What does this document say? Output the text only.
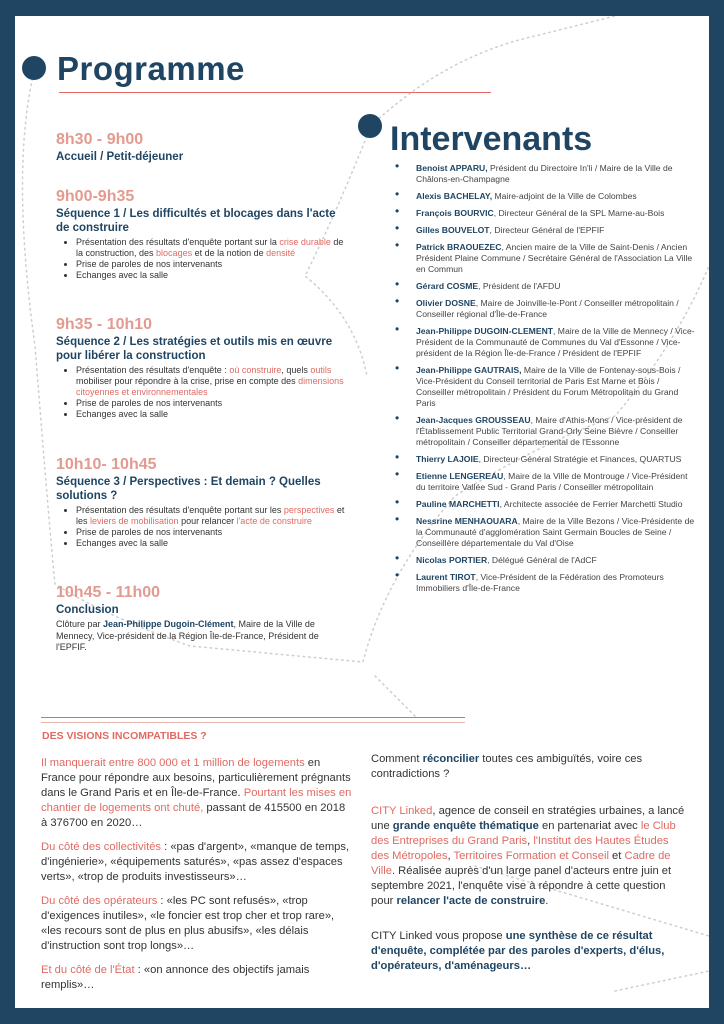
Programme

8h30 - 9h00

Accueil / Petit-déjeuner

9h00-9h35

Séquence 1 / Les difficultés et blocages dans l'acte de construire

• Présentation des résultats d'enquête portant sur la crise durable de la construction, des blocages et de la notion de densité
• Prise de paroles de nos intervenants
• Echanges avec la salle

9h35 - 10h10

Séquence 2 / Les stratégies et outils mis en œuvre pour libérer la construction

• Présentation des résultats d'enquête : où construire, quels outils mobiliser pour répondre à la crise, prise en compte des dimensions citoyennes et environnementales
• Prise de paroles de nos intervenants
• Echanges avec la salle

10h10- 10h45

Séquence 3 / Perspectives : Et demain ? Quelles solutions ?

• Présentation des résultats d'enquête portant sur les perspectives et les leviers de mobilisation pour relancer l'acte de construire
• Prise de paroles de nos intervenants
• Echanges avec la salle

10h45 - 11h00

Conclusion

Clôture par Jean-Philippe Dugoin-Clément, Maire de la Ville de Mennecy, Vice-président de la Région Île-de-France, Président de l'EPFIF.

Intervenants
• Benoist APPARU, Président du Directoire In'li / Maire de la Ville de Châlons-en-Champagne
• Alexis BACHELAY, Maire-adjoint de la Ville de Colombes
• François BOURVIC, Directeur Général de la SPL Marne-au-Bois
• Gilles BOUVELOT, Directeur Général de l'EPFIF
• Patrick BRAOUEZEC, Ancien maire de la Ville de Saint-Denis / Ancien Président Plaine Commune / Secrétaire Général de l'Association La Ville en Commun
• Gérard COSME, Président de l'AFDU
• Olivier DOSNE, Maire de Joinville-le-Pont / Conseiller métropolitain / Conseiller régional d'Île-de-France
• Jean-Philippe DUGOIN-CLEMENT, Maire de la Ville de Mennecy / Vice-Président de la Communauté de Communes du Val d'Essonne / Vice-président de la Région Île-de-France / Président de l'EPFIF
• Jean-Philippe GAUTRAIS, Maire de la Ville de Fontenay-sous-Bois / Vice-Président du Conseil territorial de Paris Est Marne et Bois / Conseiller métropolitain / Président du Forum Métropolitain du Grand Paris
• Jean-Jacques GROUSSEAU, Maire d'Athis-Mons / Vice-président de l'Établissement Public Territorial Grand-Orly Seine Bièvre / Conseiller métropolitain / Conseiller départemental de l'Essonne
• Thierry LAJOIE, Directeur Général Stratégie et Finances, QUARTUS
• Etienne LENGEREAU, Maire de la Ville de Montrouge / Vice-Président du territoire Vallée Sud - Grand Paris / Conseiller métropolitain
• Pauline MARCHETTI, Architecte associée de Ferrier Marchetti Studio
• Nessrine MENHAOUARA, Maire de la Ville Bezons / Vice-Présidente de la Communauté d'agglomération Saint Germain Boucles de Seine / Conseillère départementale du Val d'Oise
• Nicolas PORTIER, Délégué Général de l'AdCF
• Laurent TIROT, Vice-Président de la Fédération des Promoteurs Immobiliers d'Île-de-France
DES VISIONS INCOMPATIBLES ?

Il manquerait entre 800 000 et 1 million de logements en France pour répondre aux besoins, particulièrement prégnants dans le Grand Paris et en Île-de-France. Pourtant les mises en chantier de logements ont chuté, passant de 415500 en 2018 à 376700 en 2020…

Du côté des collectivités : «pas d'argent», «manque de temps, d'ingénierie», «équipements saturés», «pas assez d'espaces verts», «trop de produits investisseurs»…

Du côté des opérateurs : «les PC sont refusés», «trop d'exigences inutiles», «le foncier est trop cher et trop rare», «les recours sont de plus en plus abusifs», «les délais d'instruction sont trop longs»…

Et du côté de l'État : «on annonce des objectifs jamais remplis»…

Comment réconcilier toutes ces ambiguïtés, voire ces contradictions ?

CITY Linked, agence de conseil en stratégies urbaines, a lancé une grande enquête thématique en partenariat avec le Club des Entreprises du Grand Paris, l'Institut des Hautes Études des Métropoles, Territoires Formation et Conseil et Cadre de Ville. Réalisée auprès d'un large panel d'acteurs entre juin et septembre 2021, l'enquête vise à répondre à cette question pour relancer l'acte de construire.

CITY Linked vous propose une synthèse de ce résultat d'enquête, complétée par des paroles d'experts, d'élus, d'opérateurs, d'aménageurs…
